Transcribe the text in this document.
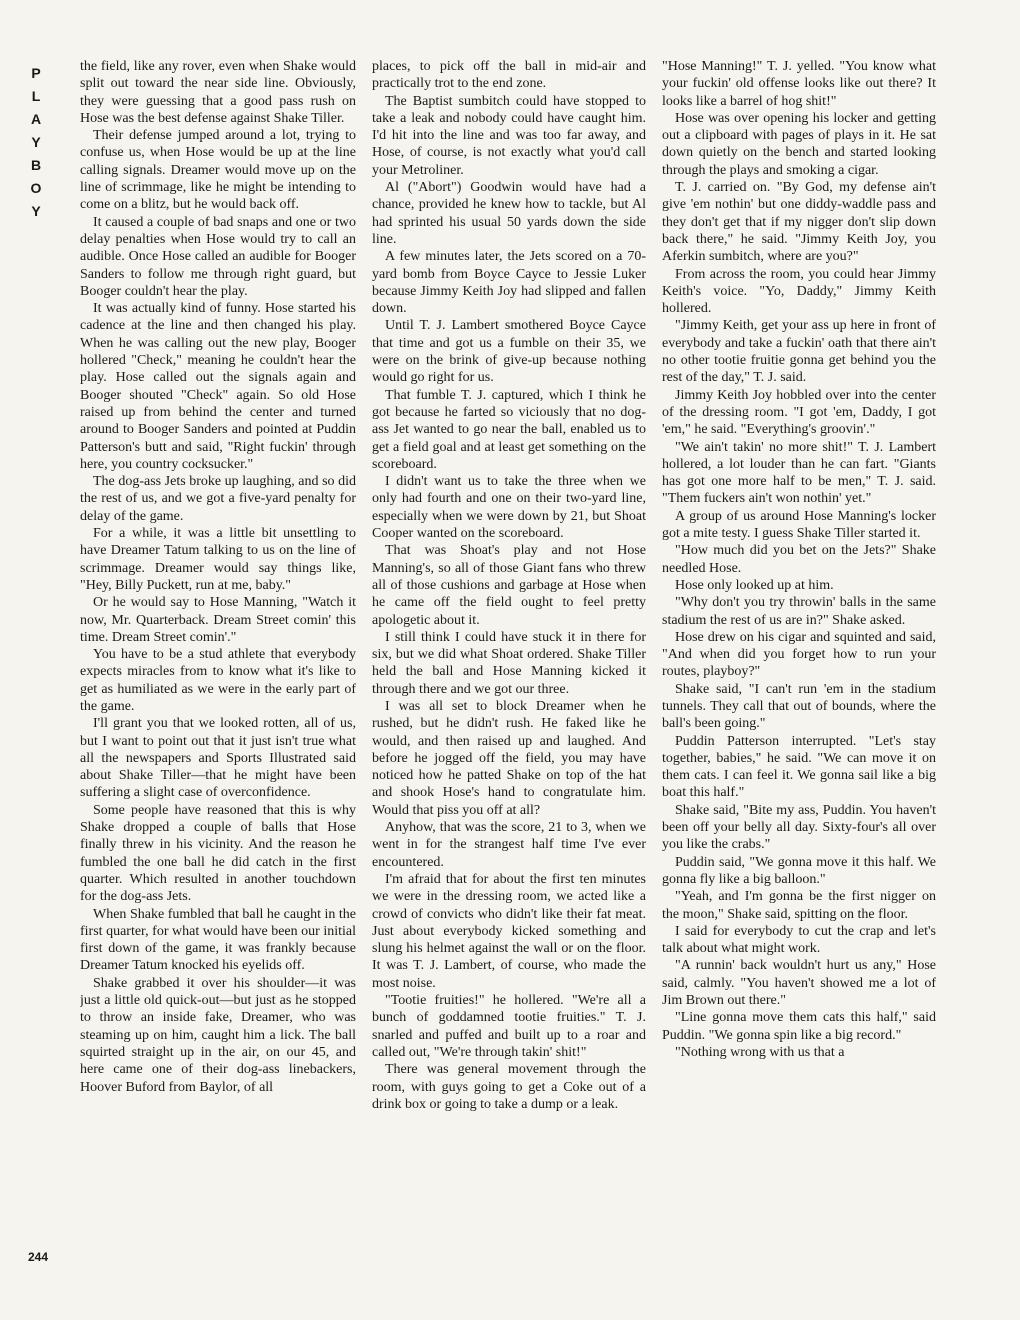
P
L
A
Y
B
O
Y
244

the field, like any rover, even when Shake would split out toward the near side line. Obviously, they were guessing that a good pass rush on Hose was the best defense against Shake Tiller.

Their defense jumped around a lot, trying to confuse us, when Hose would be up at the line calling signals. Dreamer would move up on the line of scrimmage, like he might be intending to come on a blitz, but he would back off.

It caused a couple of bad snaps and one or two delay penalties when Hose would try to call an audible. Once Hose called an audible for Booger Sanders to follow me through right guard, but Booger couldn't hear the play.

It was actually kind of funny. Hose started his cadence at the line and then changed his play. When he was calling out the new play, Booger hollered "Check," meaning he couldn't hear the play. Hose called out the signals again and Booger shouted "Check" again. So old Hose raised up from behind the center and turned around to Booger Sanders and pointed at Puddin Patterson's butt and said, "Right fuckin' through here, you country cocksucker."

The dog-ass Jets broke up laughing, and so did the rest of us, and we got a five-yard penalty for delay of the game.

For a while, it was a little bit unsettling to have Dreamer Tatum talking to us on the line of scrimmage. Dreamer would say things like, "Hey, Billy Puckett, run at me, baby."

Or he would say to Hose Manning, "Watch it now, Mr. Quarterback. Dream Street comin' this time. Dream Street comin'."

You have to be a stud athlete that everybody expects miracles from to know what it's like to get as humiliated as we were in the early part of the game.

I'll grant you that we looked rotten, all of us, but I want to point out that it just isn't true what all the newspapers and Sports Illustrated said about Shake Tiller—that he might have been suffering a slight case of overconfidence.

Some people have reasoned that this is why Shake dropped a couple of balls that Hose finally threw in his vicinity. And the reason he fumbled the one ball he did catch in the first quarter. Which resulted in another touchdown for the dog-ass Jets.

When Shake fumbled that ball he caught in the first quarter, for what would have been our initial first down of the game, it was frankly because Dreamer Tatum knocked his eyelids off.

Shake grabbed it over his shoulder—it was just a little old quick-out—but just as he stopped to throw an inside fake, Dreamer, who was steaming up on him, caught him a lick. The ball squirted straight up in the air, on our 45, and here came one of their dog-ass linebackers, Hoover Buford from Baylor, of all

places, to pick off the ball in mid-air and practically trot to the end zone.

The Baptist sumbitch could have stopped to take a leak and nobody could have caught him. I'd hit into the line and was too far away, and Hose, of course, is not exactly what you'd call your Metroliner.

Al ("Abort") Goodwin would have had a chance, provided he knew how to tackle, but Al had sprinted his usual 50 yards down the side line.

A few minutes later, the Jets scored on a 70-yard bomb from Boyce Cayce to Jessie Luker because Jimmy Keith Joy had slipped and fallen down.

Until T. J. Lambert smothered Boyce Cayce that time and got us a fumble on their 35, we were on the brink of give-up because nothing would go right for us.

That fumble T. J. captured, which I think he got because he farted so viciously that no dog-ass Jet wanted to go near the ball, enabled us to get a field goal and at least get something on the scoreboard.

I didn't want us to take the three when we only had fourth and one on their two-yard line, especially when we were down by 21, but Shoat Cooper wanted on the scoreboard.

That was Shoat's play and not Hose Manning's, so all of those Giant fans who threw all of those cushions and garbage at Hose when he came off the field ought to feel pretty apologetic about it.

I still think I could have stuck it in there for six, but we did what Shoat ordered. Shake Tiller held the ball and Hose Manning kicked it through there and we got our three.

I was all set to block Dreamer when he rushed, but he didn't rush. He faked like he would, and then raised up and laughed. And before he jogged off the field, you may have noticed how he patted Shake on top of the hat and shook Hose's hand to congratulate him. Would that piss you off at all?

Anyhow, that was the score, 21 to 3, when we went in for the strangest half time I've ever encountered.

I'm afraid that for about the first ten minutes we were in the dressing room, we acted like a crowd of convicts who didn't like their fat meat. Just about everybody kicked something and slung his helmet against the wall or on the floor. It was T. J. Lambert, of course, who made the most noise.

"Tootie fruities!" he hollered. "We're all a bunch of goddamned tootie fruities." T. J. snarled and puffed and built up to a roar and called out, "We're through takin' shit!"

There was general movement through the room, with guys going to get a Coke out of a drink box or going to take a dump or a leak.

"Hose Manning!" T. J. yelled. "You know what your fuckin' old offense looks like out there? It looks like a barrel of hog shit!"

Hose was over opening his locker and getting out a clipboard with pages of plays in it. He sat down quietly on the bench and started looking through the plays and smoking a cigar.

T. J. carried on. "By God, my defense ain't give 'em nothin' but one diddy-waddle pass and they don't get that if my nigger don't slip down back there," he said. "Jimmy Keith Joy, you Aferkin sumbitch, where are you?"

From across the room, you could hear Jimmy Keith's voice. "Yo, Daddy," Jimmy Keith hollered.

"Jimmy Keith, get your ass up here in front of everybody and take a fuckin' oath that there ain't no other tootie fruitie gonna get behind you the rest of the day," T. J. said.

Jimmy Keith Joy hobbled over into the center of the dressing room. "I got 'em, Daddy, I got 'em," he said. "Everything's groovin'."

"We ain't takin' no more shit!" T. J. Lambert hollered, a lot louder than he can fart. "Giants has got one more half to be men," T. J. said. "Them fuckers ain't won nothin' yet."

A group of us around Hose Manning's locker got a mite testy. I guess Shake Tiller started it.

"How much did you bet on the Jets?" Shake needled Hose.

Hose only looked up at him.

"Why don't you try throwin' balls in the same stadium the rest of us are in?" Shake asked.

Hose drew on his cigar and squinted and said, "And when did you forget how to run your routes, playboy?"

Shake said, "I can't run 'em in the stadium tunnels. They call that out of bounds, where the ball's been going."

Puddin Patterson interrupted. "Let's stay together, babies," he said. "We can move it on them cats. I can feel it. We gonna sail like a big boat this half."

Shake said, "Bite my ass, Puddin. You haven't been off your belly all day. Sixty-four's all over you like the crabs."

Puddin said, "We gonna move it this half. We gonna fly like a big balloon."

"Yeah, and I'm gonna be the first nigger on the moon," Shake said, spitting on the floor.

I said for everybody to cut the crap and let's talk about what might work.

"A runnin' back wouldn't hurt us any," Hose said, calmly. "You haven't showed me a lot of Jim Brown out there."

"Line gonna move them cats this half," said Puddin. "We gonna spin like a big record."

"Nothing wrong with us that a
